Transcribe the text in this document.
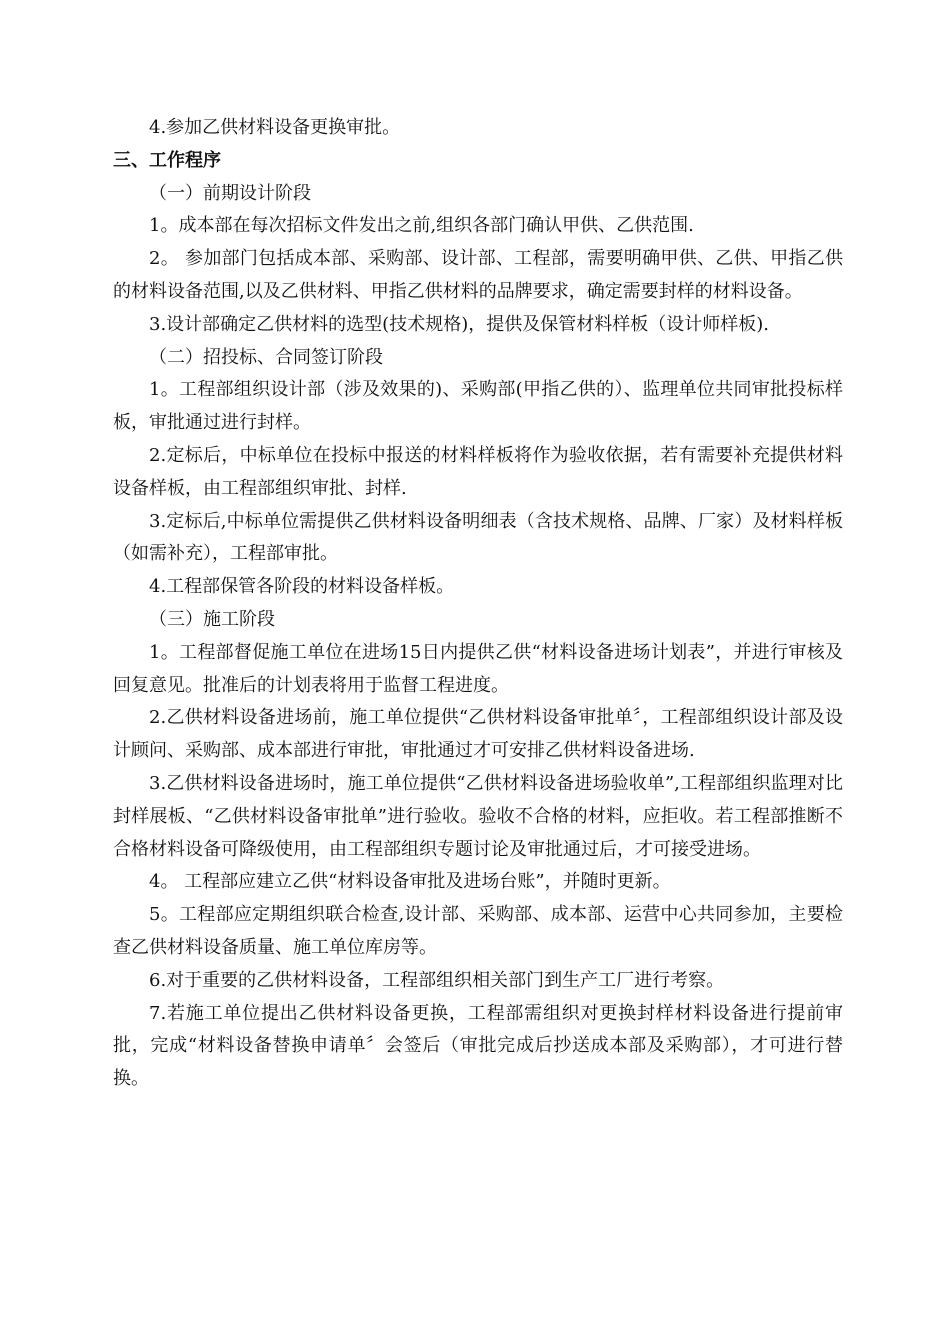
4.参加乙供材料设备更换审批。

三、工作程序

（一）前期设计阶段

1。成本部在每次招标文件发出之前,组织各部门确认甲供、乙供范围.

2。 参加部门包括成本部、采购部、设计部、工程部，需要明确甲供、乙供、甲指乙供的材料设备范围,以及乙供材料、甲指乙供材料的品牌要求，确定需要封样的材料设备。

3.设计部确定乙供材料的选型(技术规格)，提供及保管材料样板（设计师样板).

（二）招投标、合同签订阶段

1。工程部组织设计部（涉及效果的)、采购部(甲指乙供的）、监理单位共同审批投标样板，审批通过进行封样。

2.定标后，中标单位在投标中报送的材料样板将作为验收依据，若有需要补充提供材料设备样板，由工程部组织审批、封样.

3.定标后,中标单位需提供乙供材料设备明细表（含技术规格、品牌、厂家）及材料样板（如需补充），工程部审批。

4.工程部保管各阶段的材料设备样板。

（三）施工阶段

1。工程部督促施工单位在进场15日内提供乙供“材料设备进场计划表”，并进行审核及回复意见。批准后的计划表将用于监督工程进度。

2.乙供材料设备进场前，施工单位提供“乙供材料设备审批单〞，工程部组织设计部及设计顾问、采购部、成本部进行审批，审批通过才可安排乙供材料设备进场.

3.乙供材料设备进场时，施工单位提供“乙供材料设备进场验收单”,工程部组织监理对比封样展板、“乙供材料设备审批单”进行验收。验收不合格的材料，应拒收。若工程部推断不合格材料设备可降级使用，由工程部组织专题讨论及审批通过后，才可接受进场。

4。 工程部应建立乙供“材料设备审批及进场台账”，并随时更新。

5。工程部应定期组织联合检查,设计部、采购部、成本部、运营中心共同参加，主要检查乙供材料设备质量、施工单位库房等。

6.对于重要的乙供材料设备，工程部组织相关部门到生产工厂进行考察。

7.若施工单位提出乙供材料设备更换，工程部需组织对更换封样材料设备进行提前审批，完成“材料设备替换申请单〞会签后（审批完成后抄送成本部及采购部），才可进行替换。
